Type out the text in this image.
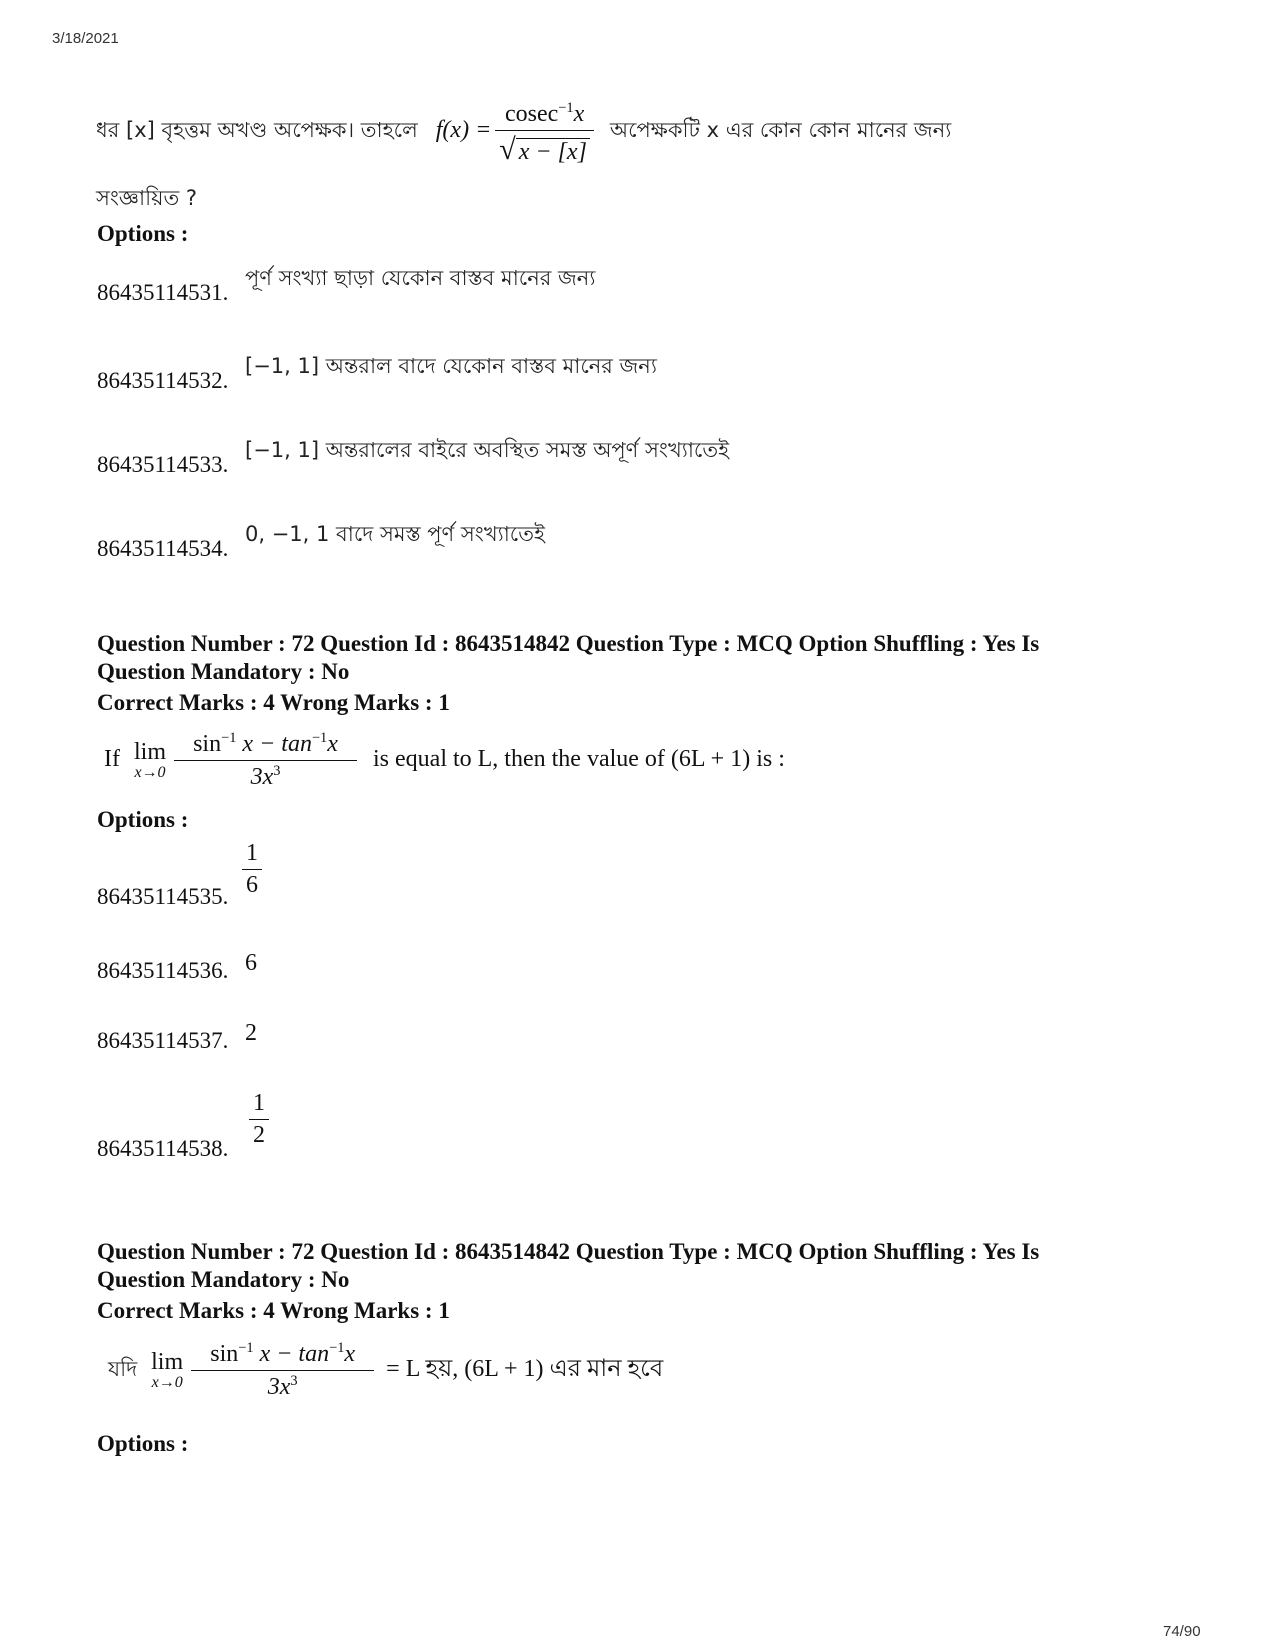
3/18/2021
ধর [x] বৃহত্তম অখণ্ড অপেক্ষক। তাহলে $f(x) = \frac{cosec^{-1}x}{√ x - [x]}$ অপেক্ষকটি x এর কোন কোন মানের জন্য
সংজ্ঞায়িত ?
Options :
86435114531.
পূর্ণ সংখ্যা ছাড়া যেকোন বাস্তব মানের জন্য
86435114532.
[−1, 1] অন্তরাল বাদে যেকোন বাস্তব মানের জন্য
86435114533.
[−1, 1] অন্তরালের বাইরে অবস্থিত সমস্ত অপূর্ণ সংখ্যাতেই
86435114534.
0, −1, 1 বাদে সমস্ত পূর্ণ সংখ্যাতেই
Question Number : 72 Question Id : 8643514842 Question Type : MCQ Option Shuffling : Yes Is
Question Mandatory : No
Correct Marks : 4 Wrong Marks : 1
If lim
x→0
$\frac{\sin^{-1} x - \tan^{-1}x}{3x^3}$ is equal to L, then the value of (6L + 1) is :
Options :
86435114535. $\frac{1}{6}$
86435114536. 6
86435114537. 2
86435114538. $\frac{1}{2}$
Question Number : 72 Question Id : 8643514842 Question Type : MCQ Option Shuffling : Yes Is
Question Mandatory : No
Correct Marks : 4 Wrong Marks : 1
যদি lim
x→0
$\frac{\sin^{-1} x - \tan^{-1}x}{3x^3} = L$ হয়, (6L + 1) এর মান হবে
Options :
74/90
